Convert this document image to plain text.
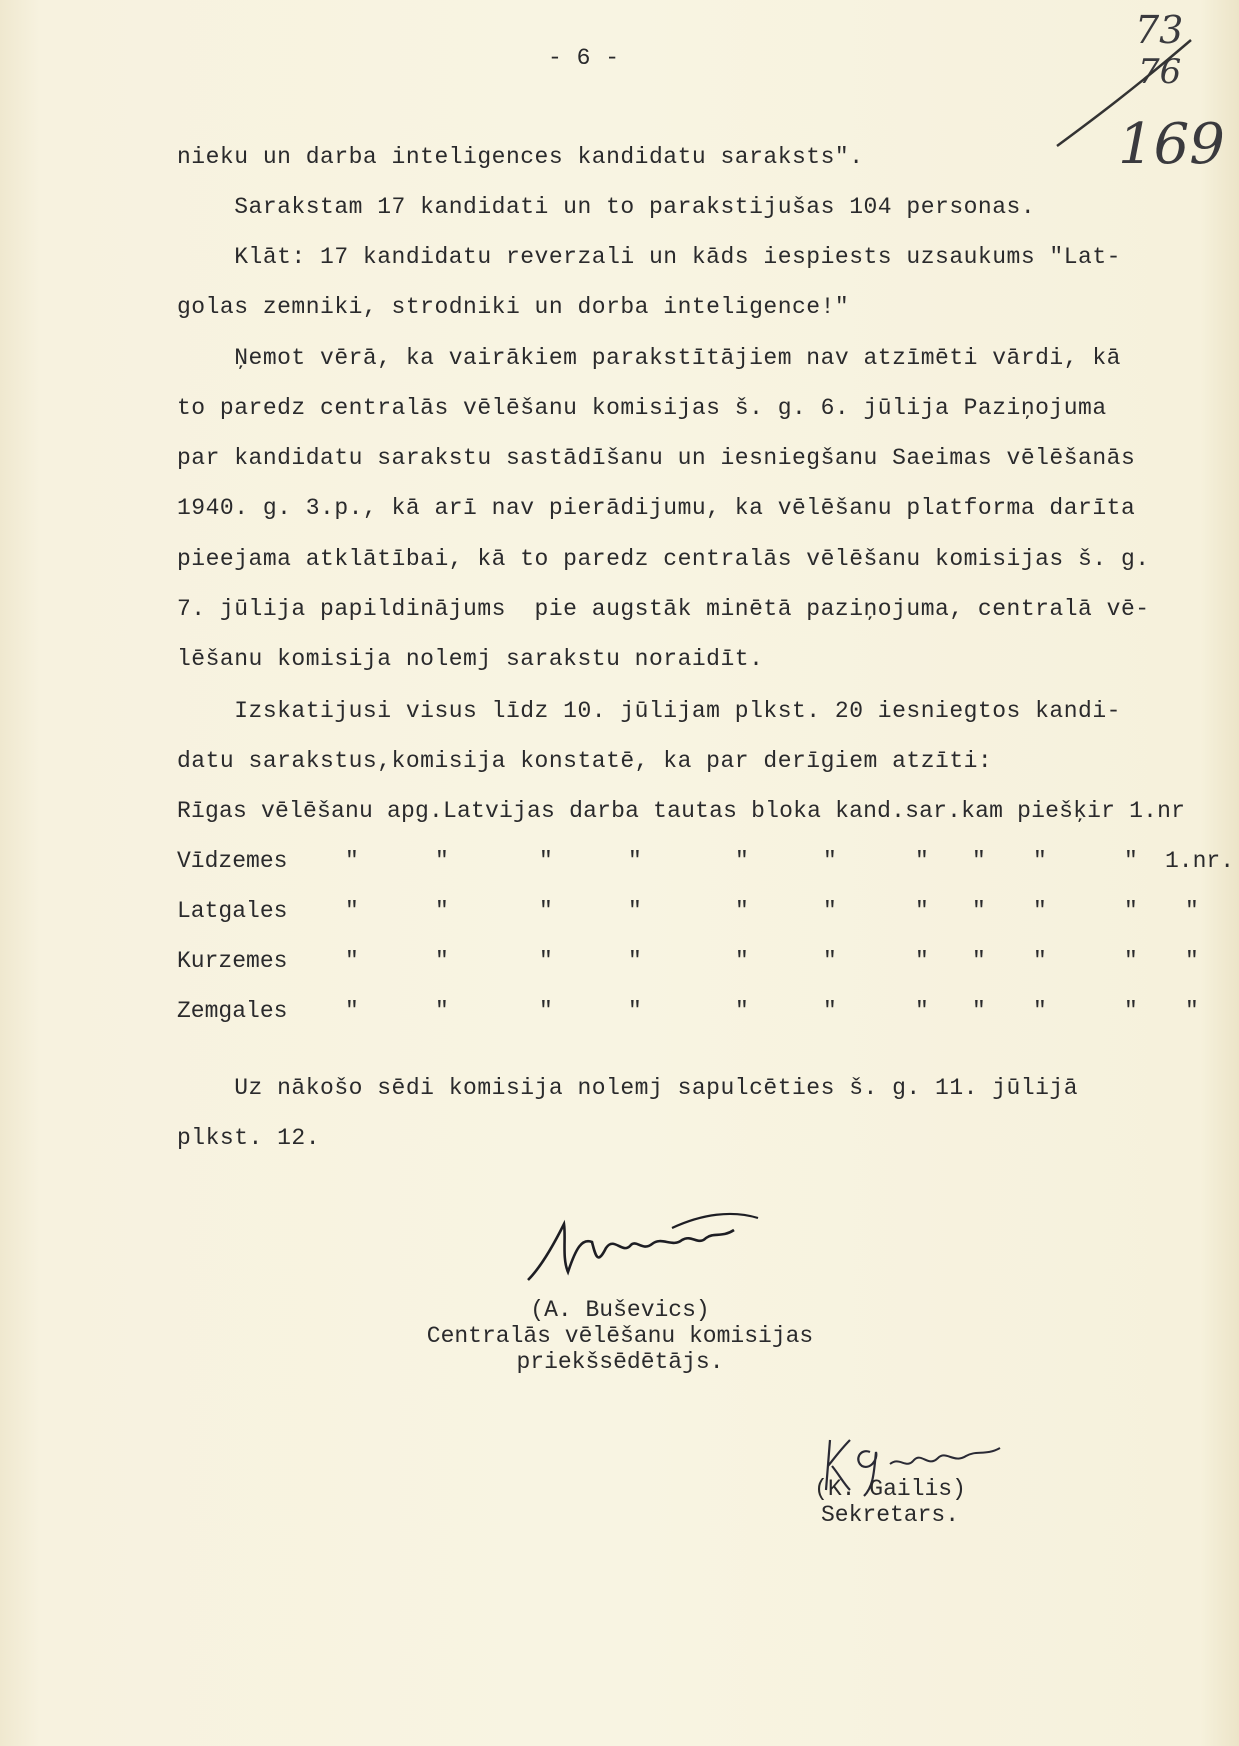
- 6 -
73
76
169
nieku un darba inteligences kandidatu saraksts".
Sarakstam 17 kandidati un to parakstijušas 104 personas.
Klāt: 17 kandidatu reverzali un kāds iespiests uzsaukums "Lat-
golas zemniki, strodniki un dorba inteligence!"
Ņemot vērā, ka vairākiem parakstītājiem nav atzīmēti vārdi, kā
to paredz centralās vēlēšanu komisijas š. g. 6. jūlija Paziņojuma
par kandidatu sarakstu sastādīšanu un iesniegšanu Saeimas vēlēšanās
1940. g. 3.p., kā arī nav pierādijumu, ka vēlēšanu platforma darīta
pieejama atklātībai, kā to paredz centralās vēlēšanu komisijas š. g.
7. jūlija papildinājums  pie augstāk minētā paziņojuma, centralā vē-
lēšanu komisija nolemj sarakstu noraidīt.
Izskatijusi visus līdz 10. jūlijam plkst. 20 iesniegtos kandi-
datu sarakstus,komisija konstatē, ka par derīgiem atzīti:
Rīgas vēlēšanu apg.Latvijas darba tautas bloka kand.sar.kam piešķir 1.nr
Vīdzemes	"	"	"	"	"	"	" " "	" 1.nr.
Latgales	"	"	"	"	"	"	" " "	" "
Kurzemes	"	"	"	"	"	"	" " "	" "
Zemgales	"	"	"	"	"	"	" " "	" "
Uz nākošo sēdi komisija nolemj sapulcēties š. g. 11. jūlijā
plkst. 12.
(A. Buševics)
Centralās vēlēšanu komisijas
priekšsēdētājs.
(K. Gailis)
Sekretars.
